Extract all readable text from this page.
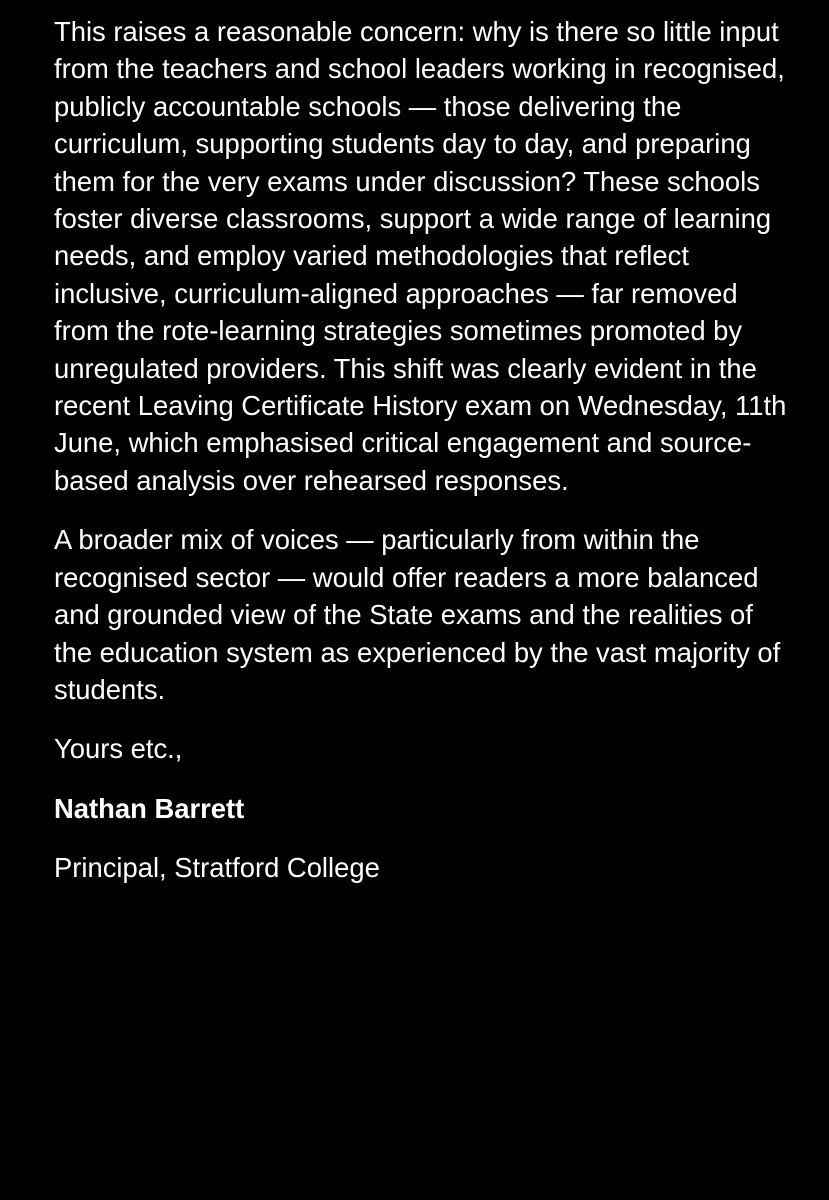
This raises a reasonable concern: why is there so little input from the teachers and school leaders working in recognised, publicly accountable schools — those delivering the curriculum, supporting students day to day, and preparing them for the very exams under discussion? These schools foster diverse classrooms, support a wide range of learning needs, and employ varied methodologies that reflect inclusive, curriculum-aligned approaches — far removed from the rote-learning strategies sometimes promoted by unregulated providers. This shift was clearly evident in the recent Leaving Certificate History exam on Wednesday, 11th June, which emphasised critical engagement and source-based analysis over rehearsed responses.

A broader mix of voices — particularly from within the recognised sector — would offer readers a more balanced and grounded view of the State exams and the realities of the education system as experienced by the vast majority of students.

Yours etc.,

Nathan Barrett

Principal, Stratford College
